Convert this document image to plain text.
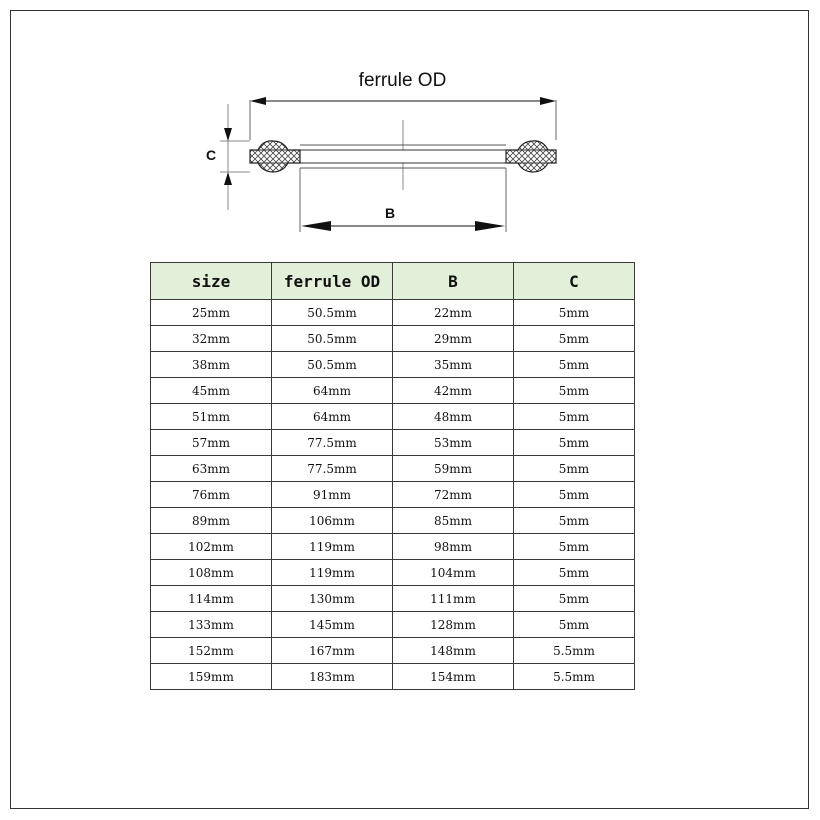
ferrule OD
C
B
size	ferrule OD	B	C
25mm	50.5mm	22mm	5mm
32mm	50.5mm	29mm	5mm
38mm	50.5mm	35mm	5mm
45mm	64mm	42mm	5mm
51mm	64mm	48mm	5mm
57mm	77.5mm	53mm	5mm
63mm	77.5mm	59mm	5mm
76mm	91mm	72mm	5mm
89mm	106mm	85mm	5mm
102mm	119mm	98mm	5mm
108mm	119mm	104mm	5mm
114mm	130mm	111mm	5mm
133mm	145mm	128mm	5mm
152mm	167mm	148mm	5.5mm
159mm	183mm	154mm	5.5mm
